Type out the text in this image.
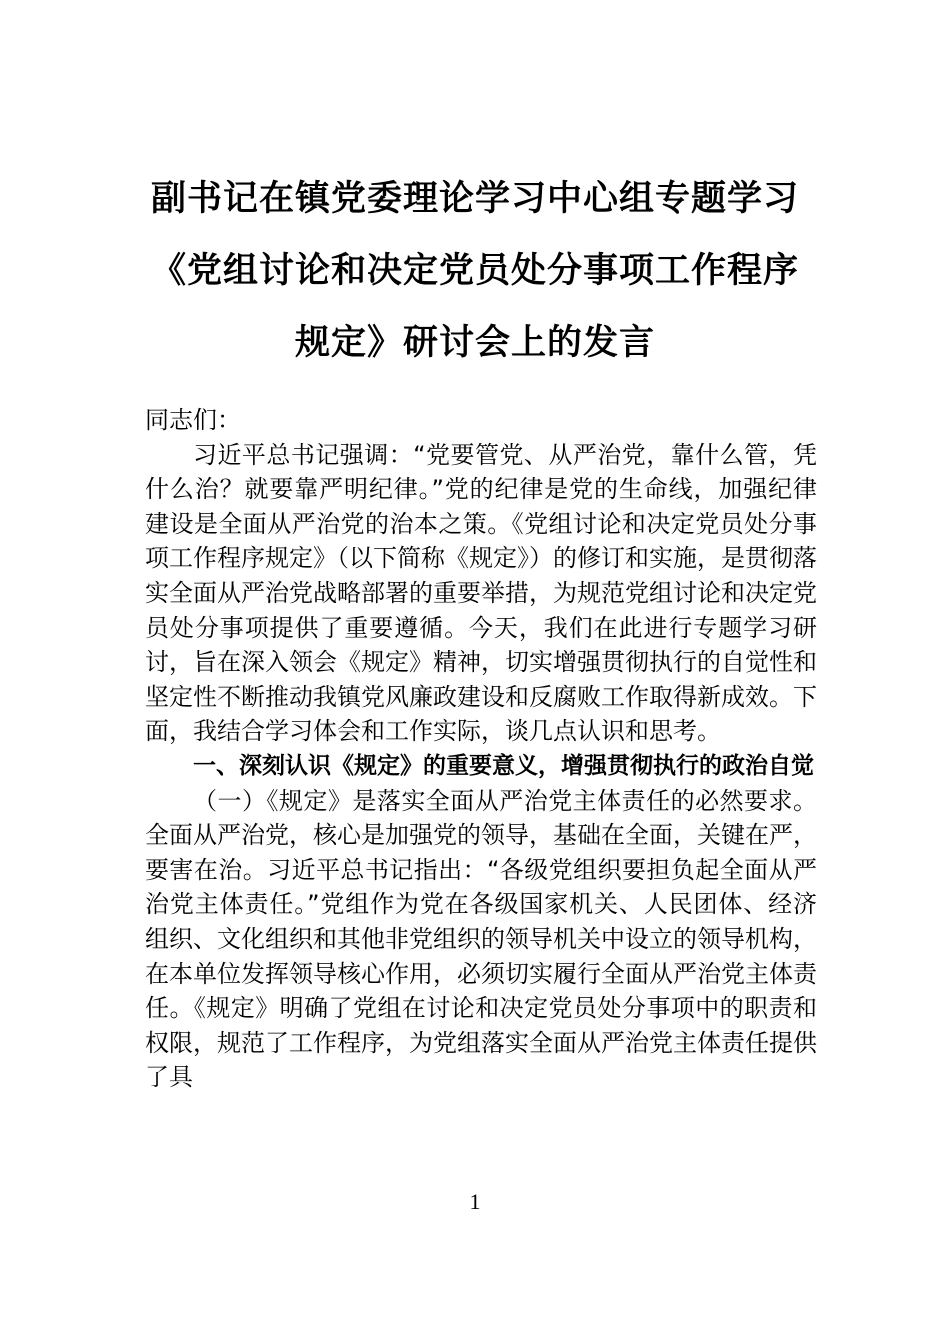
副书记在镇党委理论学习中心组专题学习
《党组讨论和决定党员处分事项工作程序
规定》研讨会上的发言

同志们：

习近平总书记强调：“党要管党、从严治党，靠什么管，凭什么治？就要靠严明纪律。”党的纪律是党的生命线，加强纪律建设是全面从严治党的治本之策。《党组讨论和决定党员处分事项工作程序规定》（以下简称《规定》）的修订和实施，是贯彻落实全面从严治党战略部署的重要举措，为规范党组讨论和决定党员处分事项提供了重要遵循。今天，我们在此进行专题学习研讨，旨在深入领会《规定》精神，切实增强贯彻执行的自觉性和坚定性不断推动我镇党风廉政建设和反腐败工作取得新成效。下面，我结合学习体会和工作实际，谈几点认识和思考。

一、深刻认识《规定》的重要意义，增强贯彻执行的政治自觉

（一）《规定》是落实全面从严治党主体责任的必然要求。全面从严治党，核心是加强党的领导，基础在全面，关键在严，要害在治。习近平总书记指出：“各级党组织要担负起全面从严治党主体责任。”党组作为党在各级国家机关、人民团体、经济组织、文化组织和其他非党组织的领导机关中设立的领导机构，在本单位发挥领导核心作用，必须切实履行全面从严治党主体责任。《规定》明确了党组在讨论和决定党员处分事项中的职责和权限，规范了工作程序，为党组落实全面从严治党主体责任提供了具

1
